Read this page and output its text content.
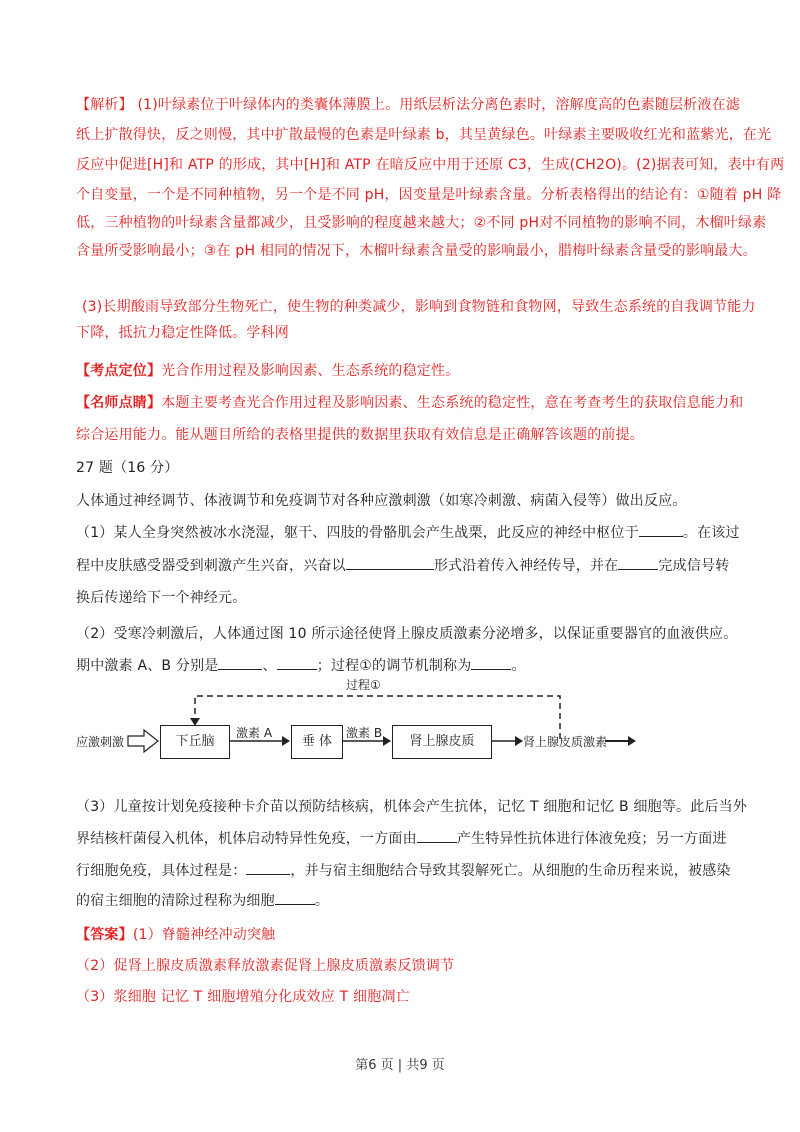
【解析】 (1)叶绿素位于叶绿体内的类囊体薄膜上。用纸层析法分离色素时，溶解度高的色素随层析液在滤
纸上扩散得快，反之则慢，其中扩散最慢的色素是叶绿素 b，其呈黄绿色。叶绿素主要吸收红光和蓝紫光，在光
反应中促进[H]和 ATP 的形成，其中[H]和 ATP 在暗反应中用于还原 C3，生成(CH2O)。(2)据表可知，表中有两
个自变量，一个是不同种植物，另一个是不同 pH，因变量是叶绿素含量。分析表格得出的结论有：①随着 pH 降
低，三种植物的叶绿素含量都减少，且受影响的程度越来越大；②不同 pH对不同植物的影响不同，木榴叶绿素
含量所受影响最小；③在 pH 相同的情况下，木榴叶绿素含量受的影响最小，腊梅叶绿素含量受的影响最大。
(3)长期酸雨导致部分生物死亡，使生物的种类减少，影响到食物链和食物网，导致生态系统的自我调节能力
下降，抵抗力稳定性降低。学科网
【考点定位】光合作用过程及影响因素、生态系统的稳定性。
【名师点睛】本题主要考查光合作用过程及影响因素、生态系统的稳定性，意在考查考生的获取信息能力和
综合运用能力。能从题目所给的表格里提供的数据里获取有效信息是正确解答该题的前提。
27 题（16 分）
人体通过神经调节、体液调节和免疫调节对各种应激刺激（如寒冷刺激、病菌入侵等）做出反应。
（1）某人全身突然被冰水浇湿，躯干、四肢的骨骼肌会产生战栗，此反应的神经中枢位于	。在该过
程中皮肤感受器受到刺激产生兴奋，兴奋以	形式沿着传入神经传导，并在	完成信号转
换后传递给下一个神经元。
（2）受寒冷刺激后，人体通过图 10 所示途径使肾上腺皮质激素分泌增多，以保证重要器官的血液供应。
期中激素 A、B 分别是	、	；过程①的调节机制称为	。
过程①
应激刺激	下丘脑
激素 A
垂 体
激素 B
肾上腺皮质	肾上腺皮质激素
（3）儿童按计划免疫接种卡介苗以预防结核病，机体会产生抗体，记忆 T 细胞和记忆 B 细胞等。此后当外
界结核杆菌侵入机体，机体启动特异性免疫，一方面由	产生特异性抗体进行体液免疫；另一方面进
行细胞免疫，具体过程是：	，并与宿主细胞结合导致其裂解死亡。从细胞的生命历程来说，被感染
的宿主细胞的清除过程称为细胞	。
【答案】(1）脊髓神经冲动突触
（2）促肾上腺皮质激素释放激素促肾上腺皮质激素反馈调节
（3）浆细胞 记忆 T 细胞增殖分化成效应 T 细胞凋亡
第6 页 | 共9 页
